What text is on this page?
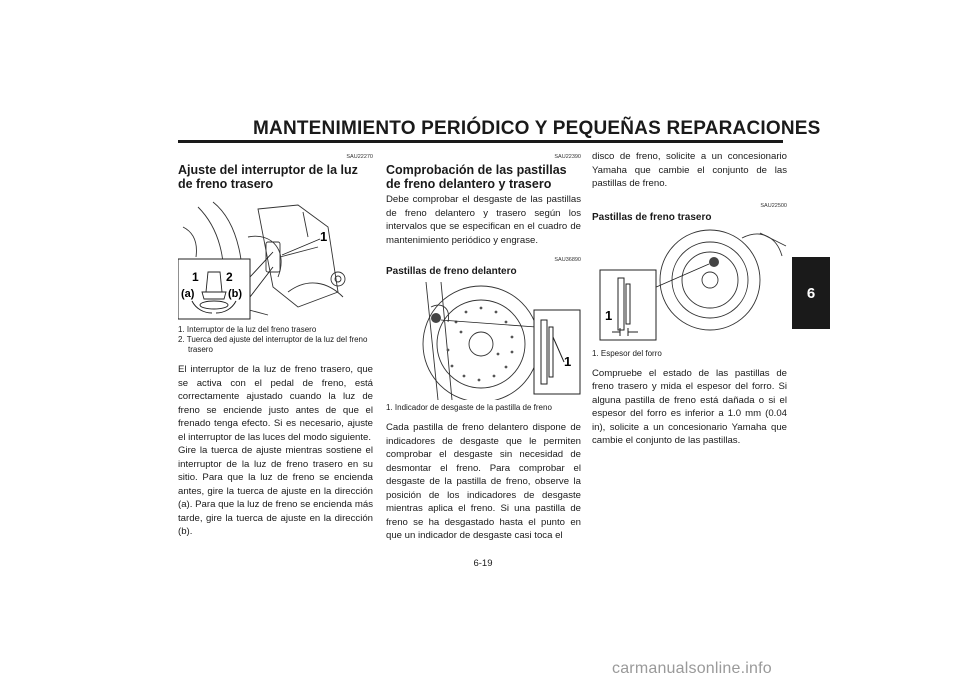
MANTENIMIENTO PERIÓDICO Y PEQUEÑAS REPARACIONES
6
SAU22270
Ajuste del interruptor de la luz de freno trasero
1 2
(a)	(b)
1
1. Interruptor de la luz del freno trasero
2. Tuerca ded ajuste del interruptor de la luz del freno trasero

El interruptor de la luz de freno trasero, que se activa con el pedal de freno, está correctamente ajustado cuando la luz de freno se enciende justo antes de que el frenado tenga efecto. Si es necesario, ajuste el interruptor de las luces del modo siguiente.

Gire la tuerca de ajuste mientras sostiene el interruptor de la luz de freno trasero en su sitio. Para que la luz de freno se encienda antes, gire la tuerca de ajuste en la dirección (a). Para que la luz de freno se encienda más tarde, gire la tuerca de ajuste en la dirección (b).

SAU22390
Comprobación de las pastillas de freno delantero y trasero

Debe comprobar el desgaste de las pastillas de freno delantero y trasero según los intervalos que se especifican en el cuadro de mantenimiento periódico y engrase.

SAU36890
Pastillas de freno delantero
1
1. Indicador de desgaste de la pastilla de freno

Cada pastilla de freno delantero dispone de indicadores de desgaste que le permiten comprobar el desgaste sin necesidad de desmontar el freno. Para comprobar el desgaste de la pastilla de freno, observe la posición de los indicadores de desgaste mientras aplica el freno. Si una pastilla de freno se ha desgastado hasta el punto en que un indicador de desgaste casi toca el

disco de freno, solicite a un concesionario Yamaha que cambie el conjunto de las pastillas de freno.

SAU22500
Pastillas de freno trasero
1
1. Espesor del forro

Compruebe el estado de las pastillas de freno trasero y mida el espesor del forro. Si alguna pastilla de freno está dañada o si el espesor del forro es inferior a 1.0 mm (0.04 in), solicite a un concesionario Yamaha que cambie el conjunto de las pastillas.

6-19
carmanualsonline.info
